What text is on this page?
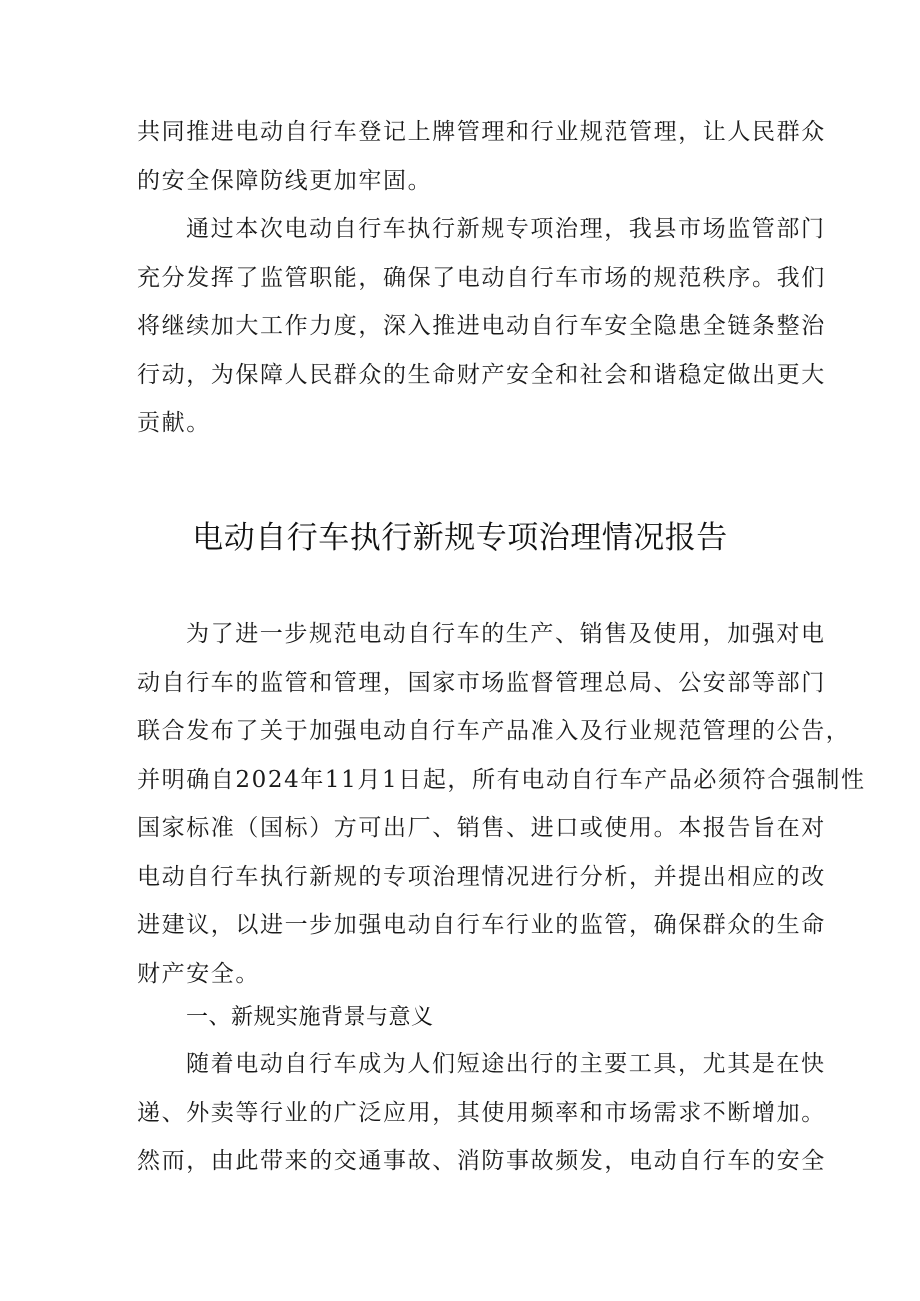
共同推进电动自行车登记上牌管理和行业规范管理，让人民群众
的安全保障防线更加牢固。

通过本次电动自行车执行新规专项治理，我县市场监管部门
充分发挥了监管职能，确保了电动自行车市场的规范秩序。我们
将继续加大工作力度，深入推进电动自行车安全隐患全链条整治
行动，为保障人民群众的生命财产安全和社会和谐稳定做出更大
贡献。

电动自行车执行新规专项治理情况报告

为了进一步规范电动自行车的生产、销售及使用，加强对电
动自行车的监管和管理，国家市场监督管理总局、公安部等部门
联合发布了关于加强电动自行车产品准入及行业规范管理的公告，
并明确自2024年11月1日起，所有电动自行车产品必须符合强制性
国家标准（国标）方可出厂、销售、进口或使用。本报告旨在对
电动自行车执行新规的专项治理情况进行分析，并提出相应的改
进建议，以进一步加强电动自行车行业的监管，确保群众的生命
财产安全。

一、新规实施背景与意义

随着电动自行车成为人们短途出行的主要工具，尤其是在快
递、外卖等行业的广泛应用，其使用频率和市场需求不断增加。
然而，由此带来的交通事故、消防事故频发，电动自行车的安全
